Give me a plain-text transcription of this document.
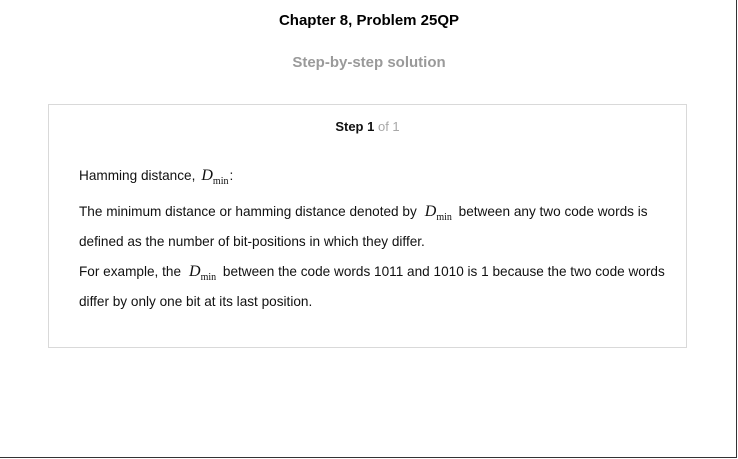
Chapter 8, Problem 25QP
Step-by-step solution
Step 1 of 1

Hamming distance, $D_{min}$:

The minimum distance or hamming distance denoted by $D_{min}$ between any two code words is defined as the number of bit-positions in which they differ.

For example, the $D_{min}$ between the code words 1011 and 1010 is 1 because the two code words differ by only one bit at its last position.
